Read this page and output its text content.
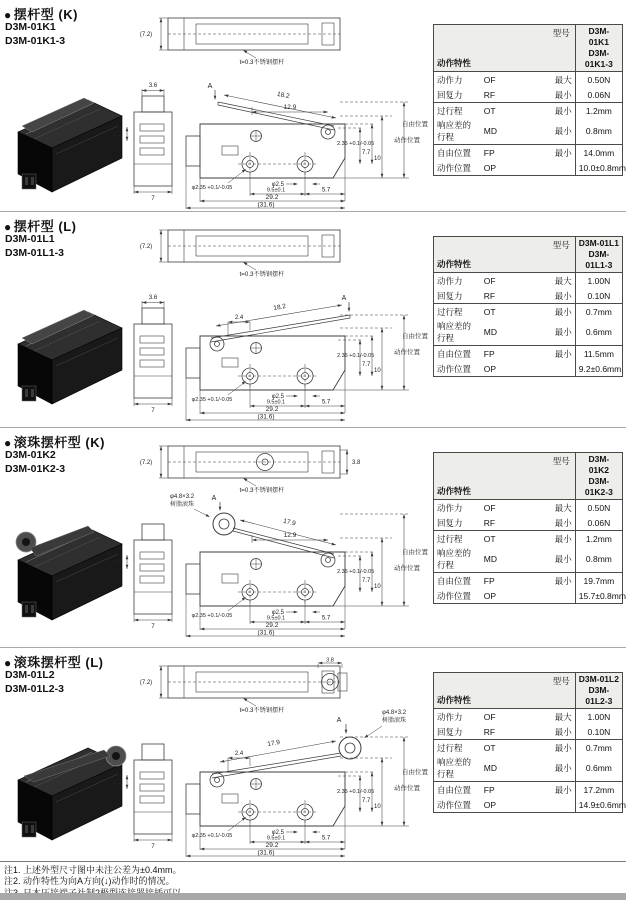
● 摆杆型 (K)
D3M-01K1
D3M-01K1-3	(7.2)
t=0.3不锈钢摆杆
3.6
2.5
7
A
18.2
12.9
自由位置
动作位置
2.35 +0.1/-0.05
7.7
10
φ2.5
9.5±0.1	5.7
29.2
(31.6)
φ2.35 +0.1/-0.05
型号
动作特性

D3M-01K1
D3M-01K1-3

动作力	OF	最大	0.50N
回复力	RF	最小	0.06N
过行程	OT	最小	1.2mm
响应差的行程	MD	最小	0.8mm
自由位置	FP	最小	14.0mm
动作位置	OP		10.0±0.8mm
● 摆杆型 (L)
D3M-01L1
D3M-01L1-3	(7.2)
t=0.3不锈钢摆杆
3.6
7
A
18.2
2.4
自由位置
动作位置
2.35 +0.1/-0.05
7.7
10
φ2.5
9.5±0.1	5.7
29.2
(31.6)
φ2.35 +0.1/-0.05
型号
动作特性

D3M-01L1
D3M-01L1-3

动作力	OF	最大	1.00N
回复力	RF	最小	0.10N
过行程	OT	最小	0.7mm
响应差的行程	MD	最小	0.6mm
自由位置	FP	最小	11.5mm
动作位置	OP		9.2±0.6mm
● 滚珠摆杆型 (K)
D3M-01K2
D3M-01K2-3	(7.2)
t=0.3不锈钢摆杆
3.8
2.5
7
A
φ4.8×3.2
树脂滚珠
17.9
12.9
自由位置
动作位置
2.35 +0.1/-0.05
7.7
10
φ2.5
9.5±0.1	5.7
29.2
(31.6)
φ2.35 +0.1/-0.05
型号
动作特性

D3M-01K2
D3M-01K2-3

动作力	OF	最大	0.50N
回复力	RF	最小	0.06N
过行程	OT	最小	1.2mm
响应差的行程	MD	最小	0.8mm
自由位置	FP	最小	19.7mm
动作位置	OP		15.7±0.8mm
● 滚珠摆杆型 (L)
D3M-01L2
D3M-01L2-3	(7.2)
t=0.3不锈钢摆杆
3.8
2.5
7
A
φ4.8×3.2
树脂滚珠
17.9
2.4
自由位置
动作位置
2.35 +0.1/-0.05
7.7
10
φ2.5
9.5±0.1	5.7
29.2
(31.6)
φ2.35 +0.1/-0.05
型号
动作特性

D3M-01L2
D3M-01L2-3

动作力	OF	最大	1.00N
回复力	RF	最小	0.10N
过行程	OT	最小	0.7mm
响应差的行程	MD	最小	0.6mm
自由位置	FP	最小	17.2mm
动作位置	OP		14.9±0.6mm
注1. 上述外型尺寸图中未注公差为±0.4mm。
注2. 动作特性为向A方向(↓)动作时的情况。
